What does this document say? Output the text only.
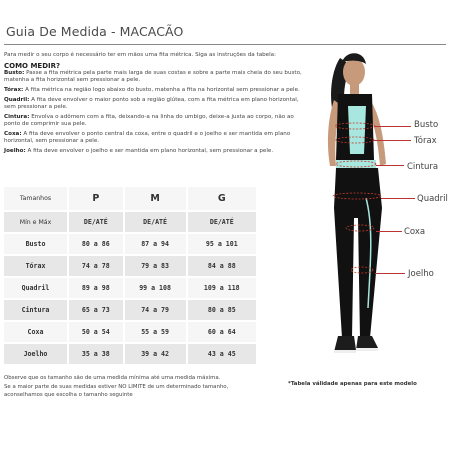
Guia De Medida - MACACÃO
Para medir o seu corpo é necessário ter em mãos uma fita métrica. Siga as instruções da tabela:
COMO MEDIR?
Busto: Passe a fita métrica pela parte mais larga de suas costas e sobre a parte mais cheia do seu busto, matenha a fita horizontal sem pressionar a pele.
Tórax: A fita métrica na região logo abaixo do busto, matenha a fita na horizontal sem pressionar a pele.
Quadril: A fita deve envolver o maior ponto sob a região glútea, com a fita métrica em plano horizontal, sem pressionar a pele.
Cintura: Envolva o adômem com a fita, deixando-a na linha do umbigo, deixe-a justa ao corpo, não ao ponto de comprimir sua pele.
Coxa: A fita deve envolver o ponto central da coxa, entre o quadril e o joelho e ser mantida em plano horizontal, sem pressionar a pele.
Joelho: A fita deve envolver o joelho e ser mantida em plano horizontal, sem pressionar a pele.
Tamanhos	P	M	G
Mín e Máx	DE/ATÉ	DE/ATÉ	DE/ATÉ
Busto	80 a 86	87 a 94	95 a 101
Tórax	74 a 78	79 a 83	84 a 88
Quadril	89 a 98	99 a 108	109 a 118
Cintura	65 a 73	74 a 79	80 a 85
Coxa	50 a 54	55 a 59	60 a 64
Joelho	35 a 38	39 a 42	43 a 45
Busto
Tórax
Cintura
Quadril
Coxa
Joelho
Observe que os tamanho são de uma medida mínima até uma medida máxima.
Se a maior parte de suas medidas estiver NO LIMITE de um determinado tamanho,
aconselhamos que escolha o tamanho seguinte
*Tabela válidade apenas para este modelo
